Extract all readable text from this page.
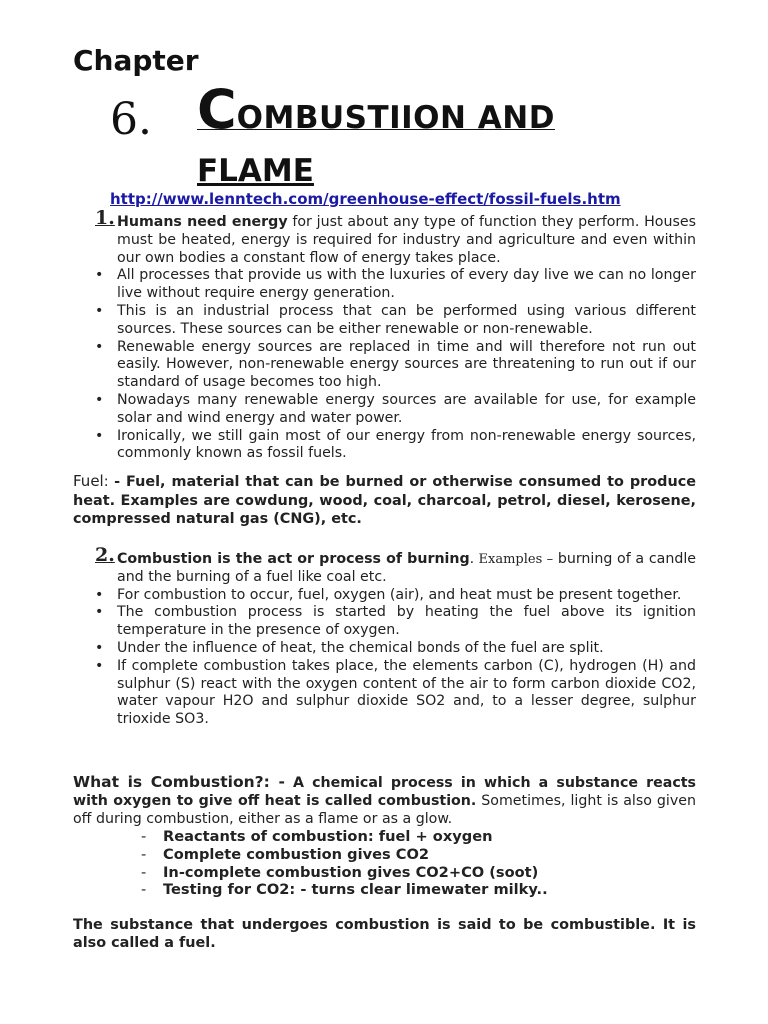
Chapter
6. COMBUSTIION AND
FLAME
http://www.lenntech.com/greenhouse-effect/fossil-fuels.htm
1. Humans need energy for just about any type of function they perform. Houses must be heated, energy is required for industry and agriculture and even within our own bodies a constant flow of energy takes place.
• All processes that provide us with the luxuries of every day live we can no longer live without require energy generation.
• This is an industrial process that can be performed using various different sources. These sources can be either renewable or non-renewable.
• Renewable energy sources are replaced in time and will therefore not run out easily. However, non-renewable energy sources are threatening to run out if our standard of usage becomes too high.
• Nowadays many renewable energy sources are available for use, for example solar and wind energy and water power.
• Ironically, we still gain most of our energy from non-renewable energy sources, commonly known as fossil fuels.
Fuel: - Fuel, material that can be burned or otherwise consumed to produce heat. Examples are cowdung, wood, coal, charcoal, petrol, diesel, kerosene, compressed natural gas (CNG), etc.
2. Combustion is the act or process of burning. Examples – burning of a candle and the burning of a fuel like coal etc.
• For combustion to occur, fuel, oxygen (air), and heat must be present together.
• The combustion process is started by heating the fuel above its ignition temperature in the presence of oxygen.
• Under the influence of heat, the chemical bonds of the fuel are split.
• If complete combustion takes place, the elements carbon (C), hydrogen (H) and sulphur (S) react with the oxygen content of the air to form carbon dioxide CO2, water vapour H2O and sulphur dioxide SO2 and, to a lesser degree, sulphur trioxide SO3.
What is Combustion?: - A chemical process in which a substance reacts with oxygen to give off heat is called combustion. Sometimes, light is also given off during combustion, either as a flame or as a glow.
- Reactants of combustion: fuel + oxygen
- Complete combustion gives CO2
- In-complete combustion gives CO2+CO (soot)
- Testing for CO2: - turns clear limewater milky..
The substance that undergoes combustion is said to be combustible. It is also called a fuel.
